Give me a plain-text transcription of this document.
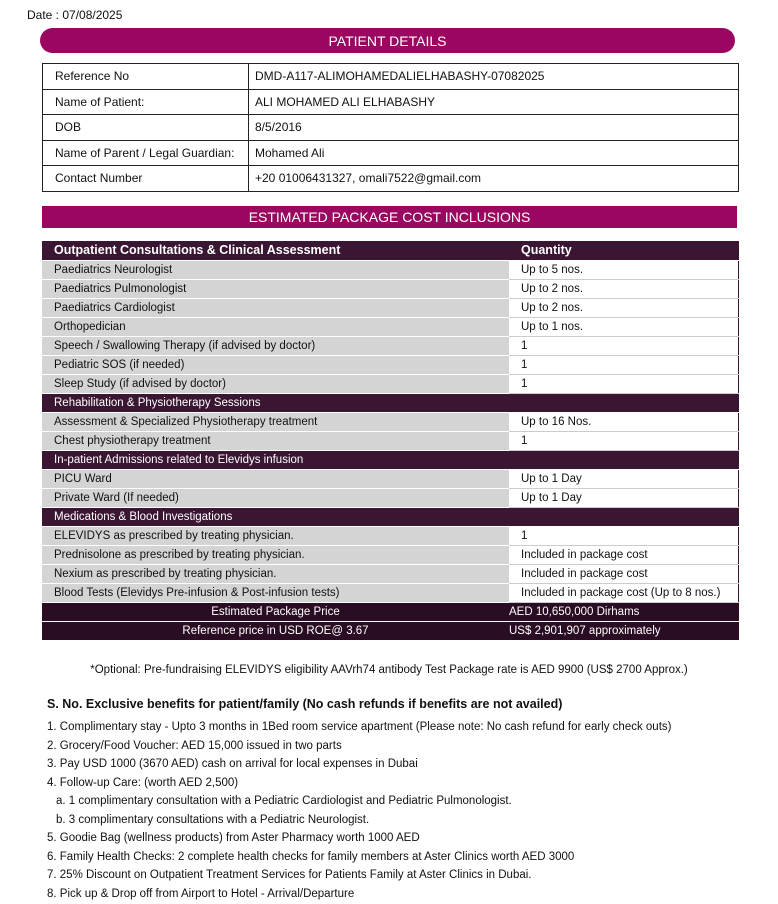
Date : 07/08/2025
PATIENT DETAILS
Reference No	DMD-A117-ALIMOHAMEDALIELHABASHY-07082025
Name of Patient:	ALI MOHAMED ALI ELHABASHY
DOB	8/5/2016
Name of Parent / Legal Guardian:	Mohamed Ali
Contact Number	+20 01006431327, omali7522@gmail.com
ESTIMATED PACKAGE COST INCLUSIONS
Outpatient Consultations & Clinical Assessment	Quantity
Paediatrics Neurologist	Up to 5 nos.
Paediatrics Pulmonologist	Up to 2 nos.
Paediatrics Cardiologist	Up to 2 nos.
Orthopedician	Up to 1 nos.
Speech / Swallowing Therapy (if advised by doctor)	1
Pediatric SOS (if needed)	1
Sleep Study (if advised by doctor)	1
Rehabilitation & Physiotherapy Sessions	
Assessment & Specialized Physiotherapy treatment	Up to 16 Nos.
Chest physiotherapy treatment	1
In-patient Admissions related to Elevidys infusion	
PICU Ward	Up to 1 Day
Private Ward (If needed)	Up to 1 Day
Medications & Blood Investigations	
ELEVIDYS as prescribed by treating physician.	1
Prednisolone as prescribed by treating physician.	Included in package cost
Nexium as prescribed by treating physician.	Included in package cost
Blood Tests (Elevidys Pre-infusion & Post-infusion tests)	Included in package cost (Up to 8 nos.)
Estimated Package Price	AED 10,650,000 Dirhams
Reference price in USD ROE@ 3.67	US$ 2,901,907 approximately
*Optional: Pre-fundraising ELEVIDYS eligibility AAVrh74 antibody Test Package rate is AED 9900 (US$ 2700 Approx.)
S. No. Exclusive benefits for patient/family (No cash refunds if benefits are not availed)
1. Complimentary stay - Upto 3 months in 1Bed room service apartment (Please note: No cash refund for early check outs)
2. Grocery/Food Voucher: AED 15,000 issued in two parts
3. Pay USD 1000 (3670 AED) cash on arrival for local expenses in Dubai
4. Follow-up Care: (worth AED 2,500)
a. 1 complimentary consultation with a Pediatric Cardiologist and Pediatric Pulmonologist.
b. 3 complimentary consultations with a Pediatric Neurologist.
5. Goodie Bag (wellness products) from Aster Pharmacy worth 1000 AED
6. Family Health Checks: 2 complete health checks for family members at Aster Clinics worth AED 3000
7. 25% Discount on Outpatient Treatment Services for Patients Family at Aster Clinics in Dubai.
8. Pick up & Drop off from Airport to Hotel - Arrival/Departure
